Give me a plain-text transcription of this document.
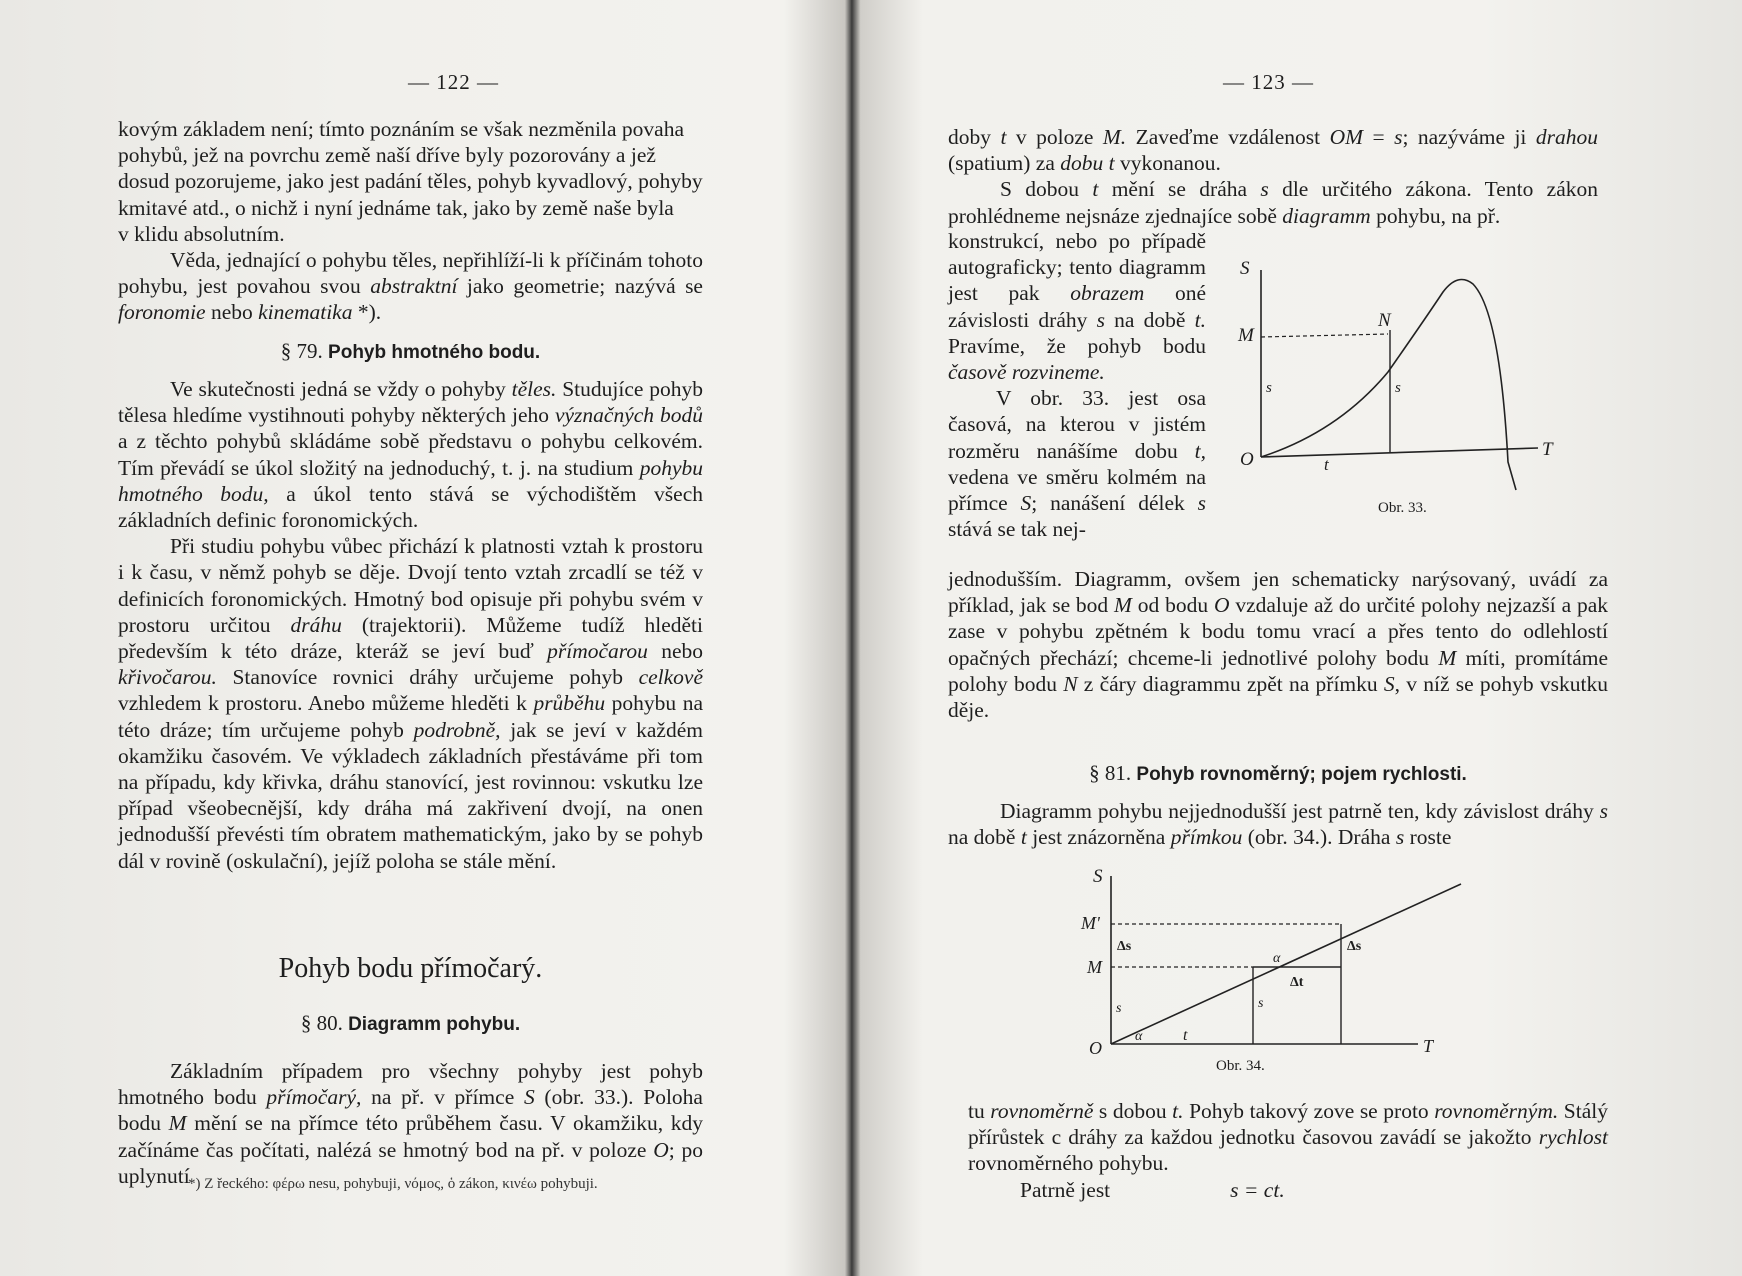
— 122 —

kovým základem není; tímto poznáním se však nezměnila povaha

pohybů, jež na povrchu země naší dříve byly pozorovány a jež

dosud pozorujeme, jako jest padání těles, pohyb kyvadlový, pohyby

kmitavé atd., o nichž i nyní jednáme tak, jako by země naše byla

v klidu absolutním.

Věda, jednající o pohybu těles, nepřihlíží-li k příčinám tohoto pohybu, jest povahou svou abstraktní jako geometrie; nazývá se foronomie nebo kinematika *).

§ 79. Pohyb hmotného bodu.

Ve skutečnosti jedná se vždy o pohyby těles. Studujíce pohyb tělesa hledíme vystihnouti pohyby některých jeho význačných bodů a z těchto pohybů skládáme sobě představu o pohybu celkovém. Tím převádí se úkol složitý na jednoduchý, t. j. na studium pohybu hmotného bodu, a úkol tento stává se východištěm všech základních definic foronomických.

Při studiu pohybu vůbec přichází k platnosti vztah k prostoru i k času, v němž pohyb se děje. Dvojí tento vztah zrcadlí se též v definicích foronomických. Hmotný bod opisuje při pohybu svém v prostoru určitou dráhu (trajektorii). Můžeme tudíž hleděti především k této dráze, kteráž se jeví buď přímočarou nebo křivočarou. Stanovíce rovnici dráhy určujeme pohyb celkově vzhledem k prostoru. Anebo můžeme hleděti k průběhu pohybu na této dráze; tím určujeme pohyb podrobně, jak se jeví v každém okamžiku časovém. Ve výkladech základních přestáváme při tom na případu, kdy křivka, dráhu stanovící, jest rovinnou: vskutku lze případ všeobecnější, kdy dráha má zakřivení dvojí, na onen jednodušší převésti tím obratem mathematickým, jako by se pohyb dál v rovině (oskulační), jejíž poloha se stále mění.

Pohyb bodu přímočarý.

§ 80. Diagramm pohybu.

Základním případem pro všechny pohyby jest pohyb hmotného bodu přímočarý, na př. v přímce S (obr. 33.). Poloha bodu M mění se na přímce této průběhem času. V okamžiku, kdy začínáme čas počítati, nalézá se hmotný bod na př. v poloze O; po uplynutí

*) Z řeckého: φέρω nesu, pohybuji, νόμος, ὁ zákon, κινέω pohybuji.
— 123 —

doby t v poloze M. Zaveďme vzdálenost OM = s; nazýváme ji drahou (spatium) za dobu t vykonanou.

S dobou t mění se dráha s dle určitého zákona. Tento zákon prohlédneme nejsnáze zjednajíce sobě diagramm pohybu, na př.

konstrukcí, nebo po případě autograficky; tento diagramm jest pak obrazem oné závislosti dráhy s na době t. Pravíme, že pohyb bodu časově rozvineme.

V obr. 33. jest osa časová, na kterou v jistém rozměru nanášíme dobu t, vedena ve směru kolmém na přímce S; nanášení délek s stává se tak nej-

S
M
N
O	T
s	s
t
Obr. 33.

jednodušším. Diagramm, ovšem jen schematicky narýsovaný, uvádí za příklad, jak se bod M od bodu O vzdaluje až do určité polohy nejzazší a pak zase v pohybu zpětném k bodu tomu vrací a přes tento do odlehlostí opačných přechází; chceme-li jednotlivé polohy bodu M míti, promítáme polohy bodu N z čáry diagrammu zpět na přímku S, v níž se pohyb vskutku děje.

§ 81. Pohyb rovnoměrný; pojem rychlosti.

Diagramm pohybu nejjednodušší jest patrně ten, kdy závislost dráhy s na době t jest znázorněna přímkou (obr. 34.). Dráha s roste

S
M'
M
O	T
Δs	Δs
Δt
α
α
s	s
t
Obr. 34.

tu rovnoměrně s dobou t. Pohyb takový zove se proto rovnoměrným. Stálý přírůstek c dráhy za každou jednotku časovou zavádí se jakožto rychlost rovnoměrného pohybu.

Patrně jest	s = ct.
